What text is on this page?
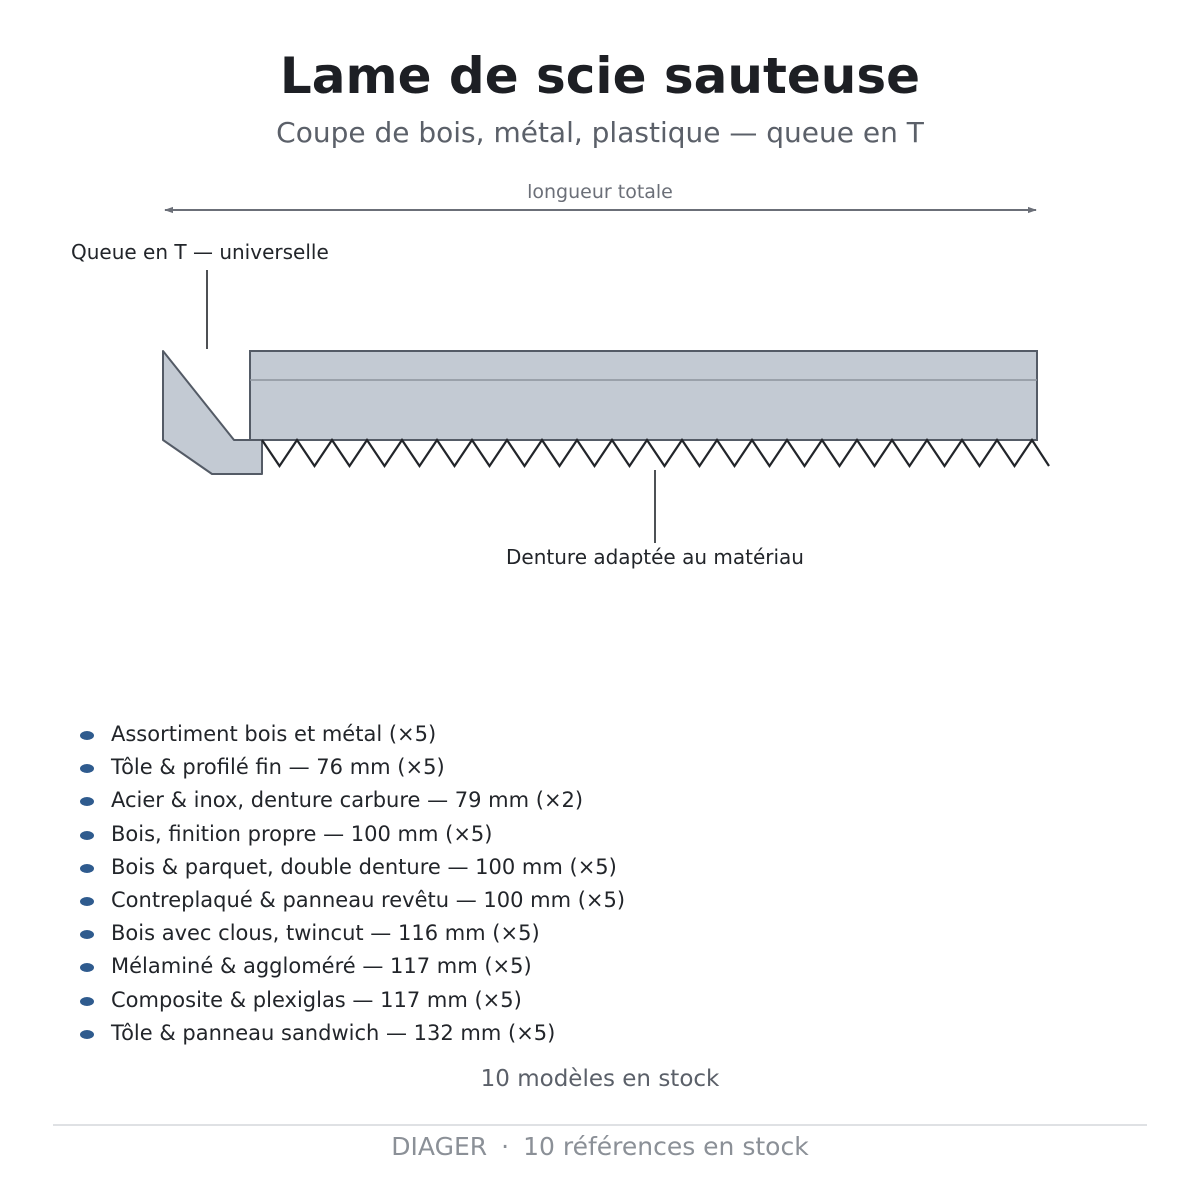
Lame de scie sauteuse
Coupe de bois, métal, plastique — queue en T
longueur totale
Queue en T — universelle
Denture adaptée au matériau
Assortiment bois et métal (×5)
Tôle & profilé fin — 76 mm (×5)
Acier & inox, denture carbure — 79 mm (×2)
Bois, finition propre — 100 mm (×5)
Bois & parquet, double denture — 100 mm (×5)
Contreplaqué & panneau revêtu — 100 mm (×5)
Bois avec clous, twincut — 116 mm (×5)
Mélaminé & aggloméré — 117 mm (×5)
Composite & plexiglas — 117 mm (×5)
Tôle & panneau sandwich — 132 mm (×5)
10 modèles en stock
DIAGER · 10 références en stock
